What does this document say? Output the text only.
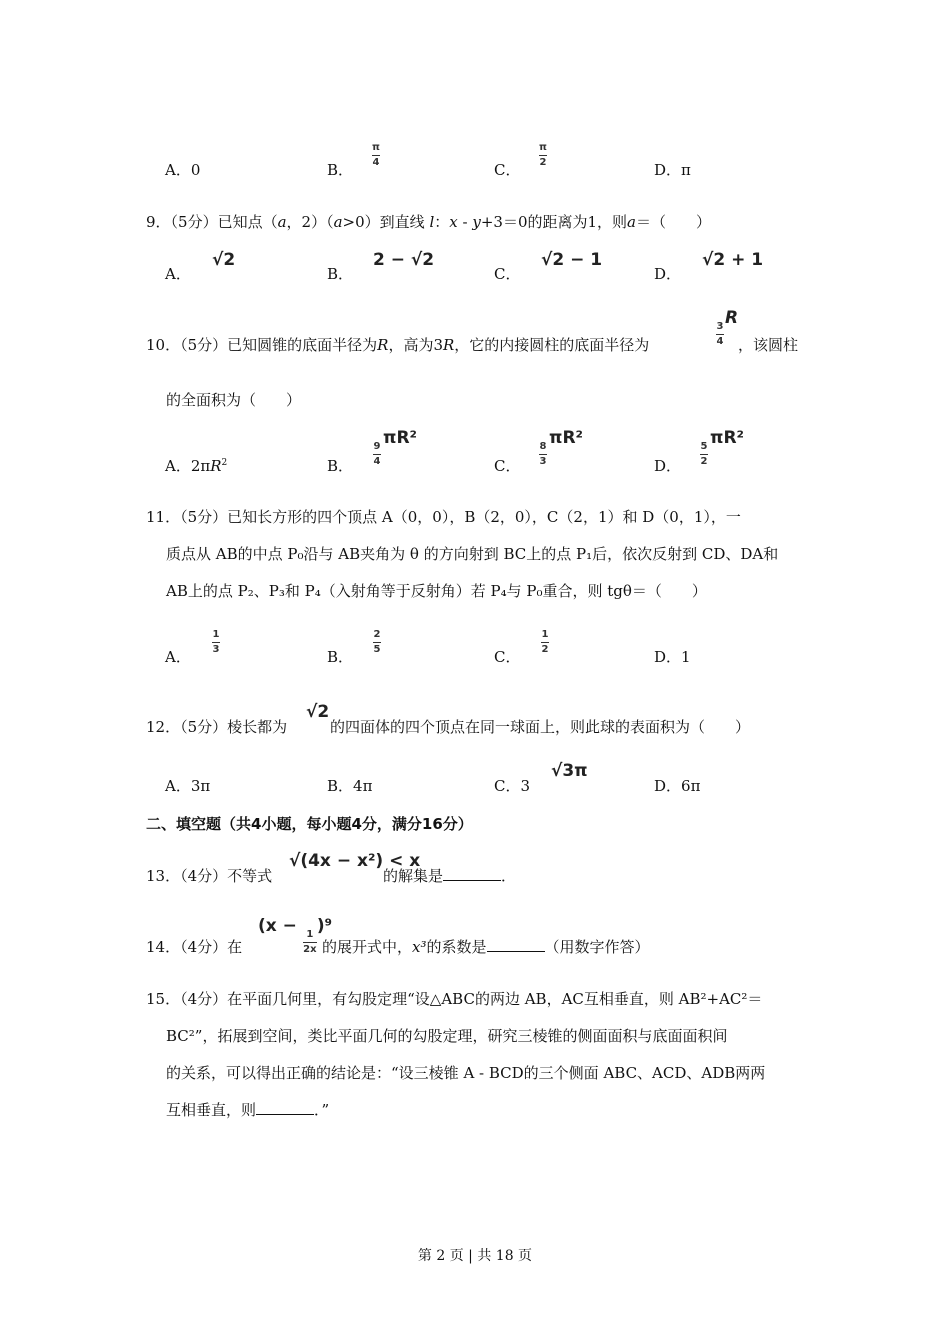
A．0	B．
$\frac{\pi}{4}$
C．
$\frac{\pi}{2}$
D．π
9．（5分）已知点（a，2）（a>0）到直线 l：x - y+3＝0的距离为1，则a＝（　　）
A．
√2
B．
2 − √2
C．
√2 − 1
D．
√2 + 1
10．（5分）已知圆锥的底面半径为R，高为3R，它的内接圆柱的底面半径为	$\frac{3}{4}$
R
，该圆柱
的全面积为（　　）
A．$2\pi R^2$	B． $\frac{9}{4}$
πR²
C． $\frac{8}{3}$
πR²
D． $\frac{5}{2}$
πR²
11．（5分）已知长方形的四个顶点 A（0，0），B（2，0），C（2，1）和 D（0，1），一
质点从 AB的中点 P₀沿与 AB夹角为 θ 的方向射到 BC上的点 P₁后，依次反射到 CD、DA和
AB上的点 P₂、P₃和 P₄（入射角等于反射角）若 P₄与 P₀重合，则 tgθ＝（　　）
A．
$\frac{1}{3}$
B．
$\frac{2}{5}$
C．
$\frac{1}{2}$
D．1
12．（5分）棱长都为
√2
的四面体的四个顶点在同一球面上，则此球的表面积为（　　）
A．3π	B．4π	C．3
√3π
D．6π
二、填空题（共4小题，每小题4分，满分16分）
13．（4分）不等式
√(4x − x²) < x
的解集是	．
14．（4分）在
(x −
$\frac{1}{2x}$
)⁹
的展开式中，x³的系数是	（用数字作答）
15．（4分）在平面几何里，有勾股定理“设△ABC的两边 AB，AC互相垂直，则 AB²+AC²＝
BC²”，拓展到空间，类比平面几何的勾股定理，研究三棱锥的侧面面积与底面面积间
的关系，可以得出正确的结论是：“设三棱锥 A - BCD的三个侧面 ABC、ACD、ADB两两
互相垂直，则	．”
第 2 页 | 共 18 页
